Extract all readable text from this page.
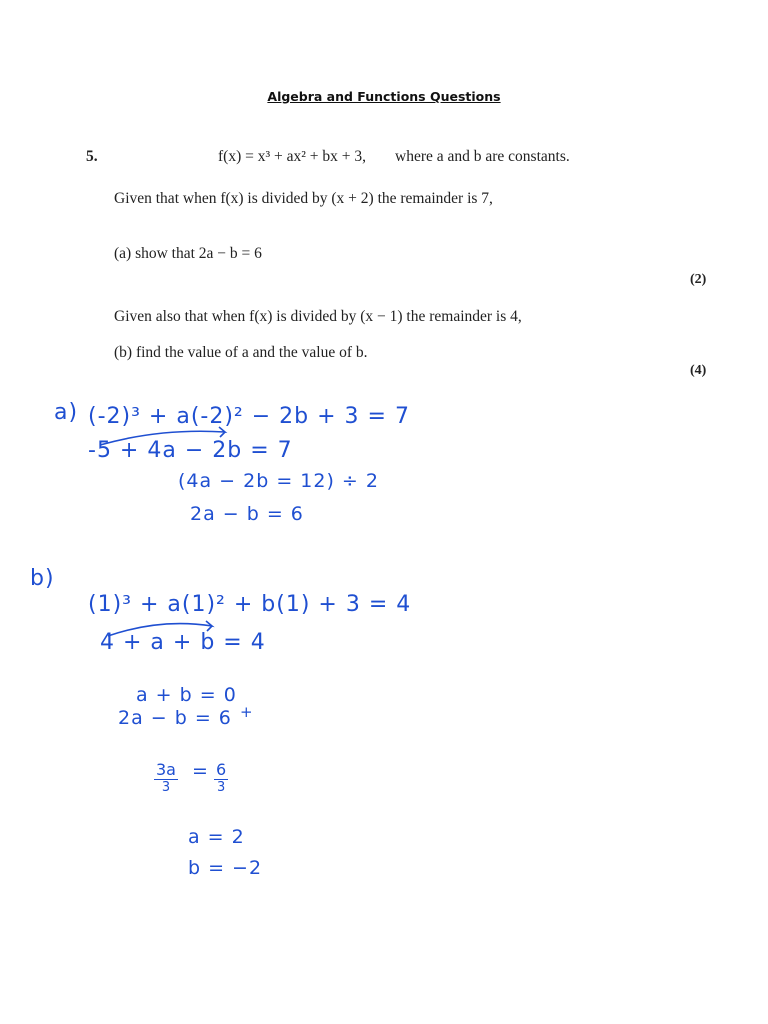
Algebra and Functions Questions
5.	f(x) = x³ + ax² + bx + 3, where a and b are constants.
Given that when f(x) is divided by (x + 2) the remainder is 7,
(a) show that 2a − b = 6
(2)
Given also that when f(x) is divided by (x − 1) the remainder is 4,
(b) find the value of a and the value of b.
(4)
a) (-2)³ + a(-2)² − 2b + 3 = 7
-5 + 4a − 2b = 7
(4a − 2b = 12) ÷ 2
2a − b = 6
b)
(1)³ + a(1)² + b(1) + 3 = 4
4 + a + b = 4
a + b = 0
2a − b = 6 +
3a
3
= 6
3
a = 2
b = −2
